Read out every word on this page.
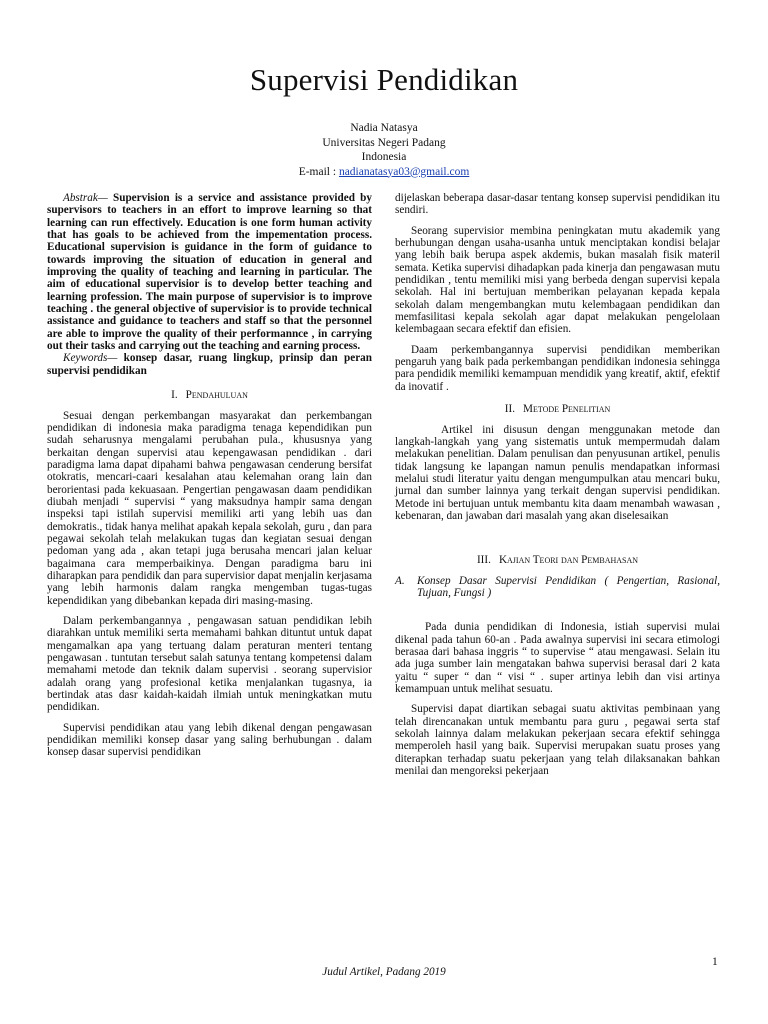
Supervisi Pendidikan
Nadia Natasya
Universitas Negeri Padang
Indonesia
E-mail : nadianatasya03@gmail.com

Abstrak— Supervision is a service and assistance provided by supervisors to teachers in an effort to improve learning so that learning can run effectively. Education is one form human activity that has goals to be achieved from the impementation process. Educational supervision is guidance in the form of guidance to towards improving the situation of education in general and improving the quality of teaching and learning in particular. The aim of educational supervisior is to develop better teaching and learning profession. The main purpose of supervisior is to improve teaching . the general objective of supervisior is to provide technical assistance and guidance to teachers and staff so that the personnel are able to improve the quality of their performannce , in carrying out their tasks and carrying out the teaching and earning process.

Keywords— konsep dasar, ruang lingkup, prinsip dan peran supervisi pendidikan

I. Pendahuluan

Sesuai dengan perkembangan masyarakat dan perkembangan pendidikan di indonesia maka paradigma tenaga kependidikan pun sudah seharusnya mengalami perubahan pula., khususnya yang berkaitan dengan supervisi atau kepengawasan pendidikan . dari paradigma lama dapat dipahami bahwa pengawasan cenderung bersifat otokratis, mencari-caari kesalahan atau kelemahan orang lain dan berorientasi pada kekuasaan. Pengertian pengawasan daam pendidikan diubah menjadi “ supervisi “ yang maksudnya hampir sama dengan inspeksi tapi istilah supervisi memiliki arti yang lebih uas dan demokratis., tidak hanya melihat apakah kepala sekolah, guru , dan para pegawai sekolah telah melakukan tugas dan kegiatan sesuai dengan pedoman yang ada , akan tetapi juga berusaha mencari jalan keluar bagaimana cara memperbaikinya. Dengan paradigma baru ini diharapkan para pendidik dan para supervisior dapat menjalin kerjasama yang lebih harmonis dalam rangka mengemban tugas-tugas kependidikan yang dibebankan kepada diri masing-masing.

Dalam perkembangannya , pengawasan satuan pendidikan lebih diarahkan untuk memiliki serta memahami bahkan dituntut untuk dapat mengamalkan apa yang tertuang dalam peraturan menteri tentang pengawasan . tuntutan tersebut salah satunya tentang kompetensi dalam memahami metode dan teknik dalam supervisi . seorang supervisior adalah orang yang profesional ketika menjalankan tugasnya, ia bertindak atas dasr kaidah-kaidah ilmiah untuk meningkatkan mutu pendidikan.

Supervisi pendidikan atau yang lebih dikenal dengan pengawasan pendidikan memiliki konsep dasar yang saling berhubungan . dalam konsep dasar supervisi pendidikan

dijelaskan beberapa dasar-dasar tentang konsep supervisi pendidikan itu sendiri.

Seorang supervisior membina peningkatan mutu akademik yang berhubungan dengan usaha-usanha untuk menciptakan kondisi belajar yang lebih baik berupa aspek akdemis, bukan masalah fisik materil semata. Ketika supervisi dihadapkan pada kinerja dan pengawasan mutu pendidikan , tentu memiliki misi yang berbeda dengan supervisi kepala sekolah. Hal ini bertujuan memberikan pelayanan kepada kepala sekolah dalam mengembangkan mutu kelembagaan pendidikan dan memfasilitasi kepala sekolah agar dapat melakukan pengelolaan kelembagaan secara efektif dan efisien.

Daam perkembangannya supervisi pendidikan memberikan pengaruh yang baik pada perkembangan pendidikan indonesia sehingga para pendidik memiliki kemampuan mendidik yang kreatif, aktif, efektif da inovatif .

II. Metode Penelitian

Artikel ini disusun dengan menggunakan metode dan langkah-langkah yang yang sistematis untuk mempermudah dalam melakukan penelitian. Dalam penulisan dan penyusunan artikel, penulis tidak langsung ke lapangan namun penulis mendapatkan informasi melalui studi literatur yaitu dengan mengumpulkan atau mencari buku, jurnal dan sumber lainnya yang terkait dengan supervisi pendidikan. Metode ini bertujuan untuk membantu kita daam menambah wawasan , kebenaran, dan jawaban dari masalah yang akan diselesaikan

III. Kajian Teori dan Pembahasan
A.	Konsep Dasar Supervisi Pendidikan ( Pengertian, Rasional, Tujuan, Fungsi )

Pada dunia pendidikan di Indonesia, istiah supervisi mulai dikenal pada tahun 60-an . Pada awalnya supervisi ini secara etimologi berasaa dari bahasa inggris “ to supervise “ atau mengawasi. Selain itu ada juga sumber lain mengatakan bahwa supervisi berasal dari 2 kata yaitu “ super “ dan “ visi “ . super artinya lebih dan visi artinya kemampuan untuk melihat sesuatu.

Supervisi dapat diartikan sebagai suatu aktivitas pembinaan yang telah direncanakan untuk membantu para guru , pegawai serta staf sekolah lainnya dalam melakukan pekerjaan secara efektif sehingga memperoleh hasil yang baik. Supervisi merupakan suatu proses yang diterapkan terhadap suatu pekerjaan yang telah dilaksanakan bahkan menilai dan mengoreksi pekerjaan

1
Judul Artikel, Padang 2019
